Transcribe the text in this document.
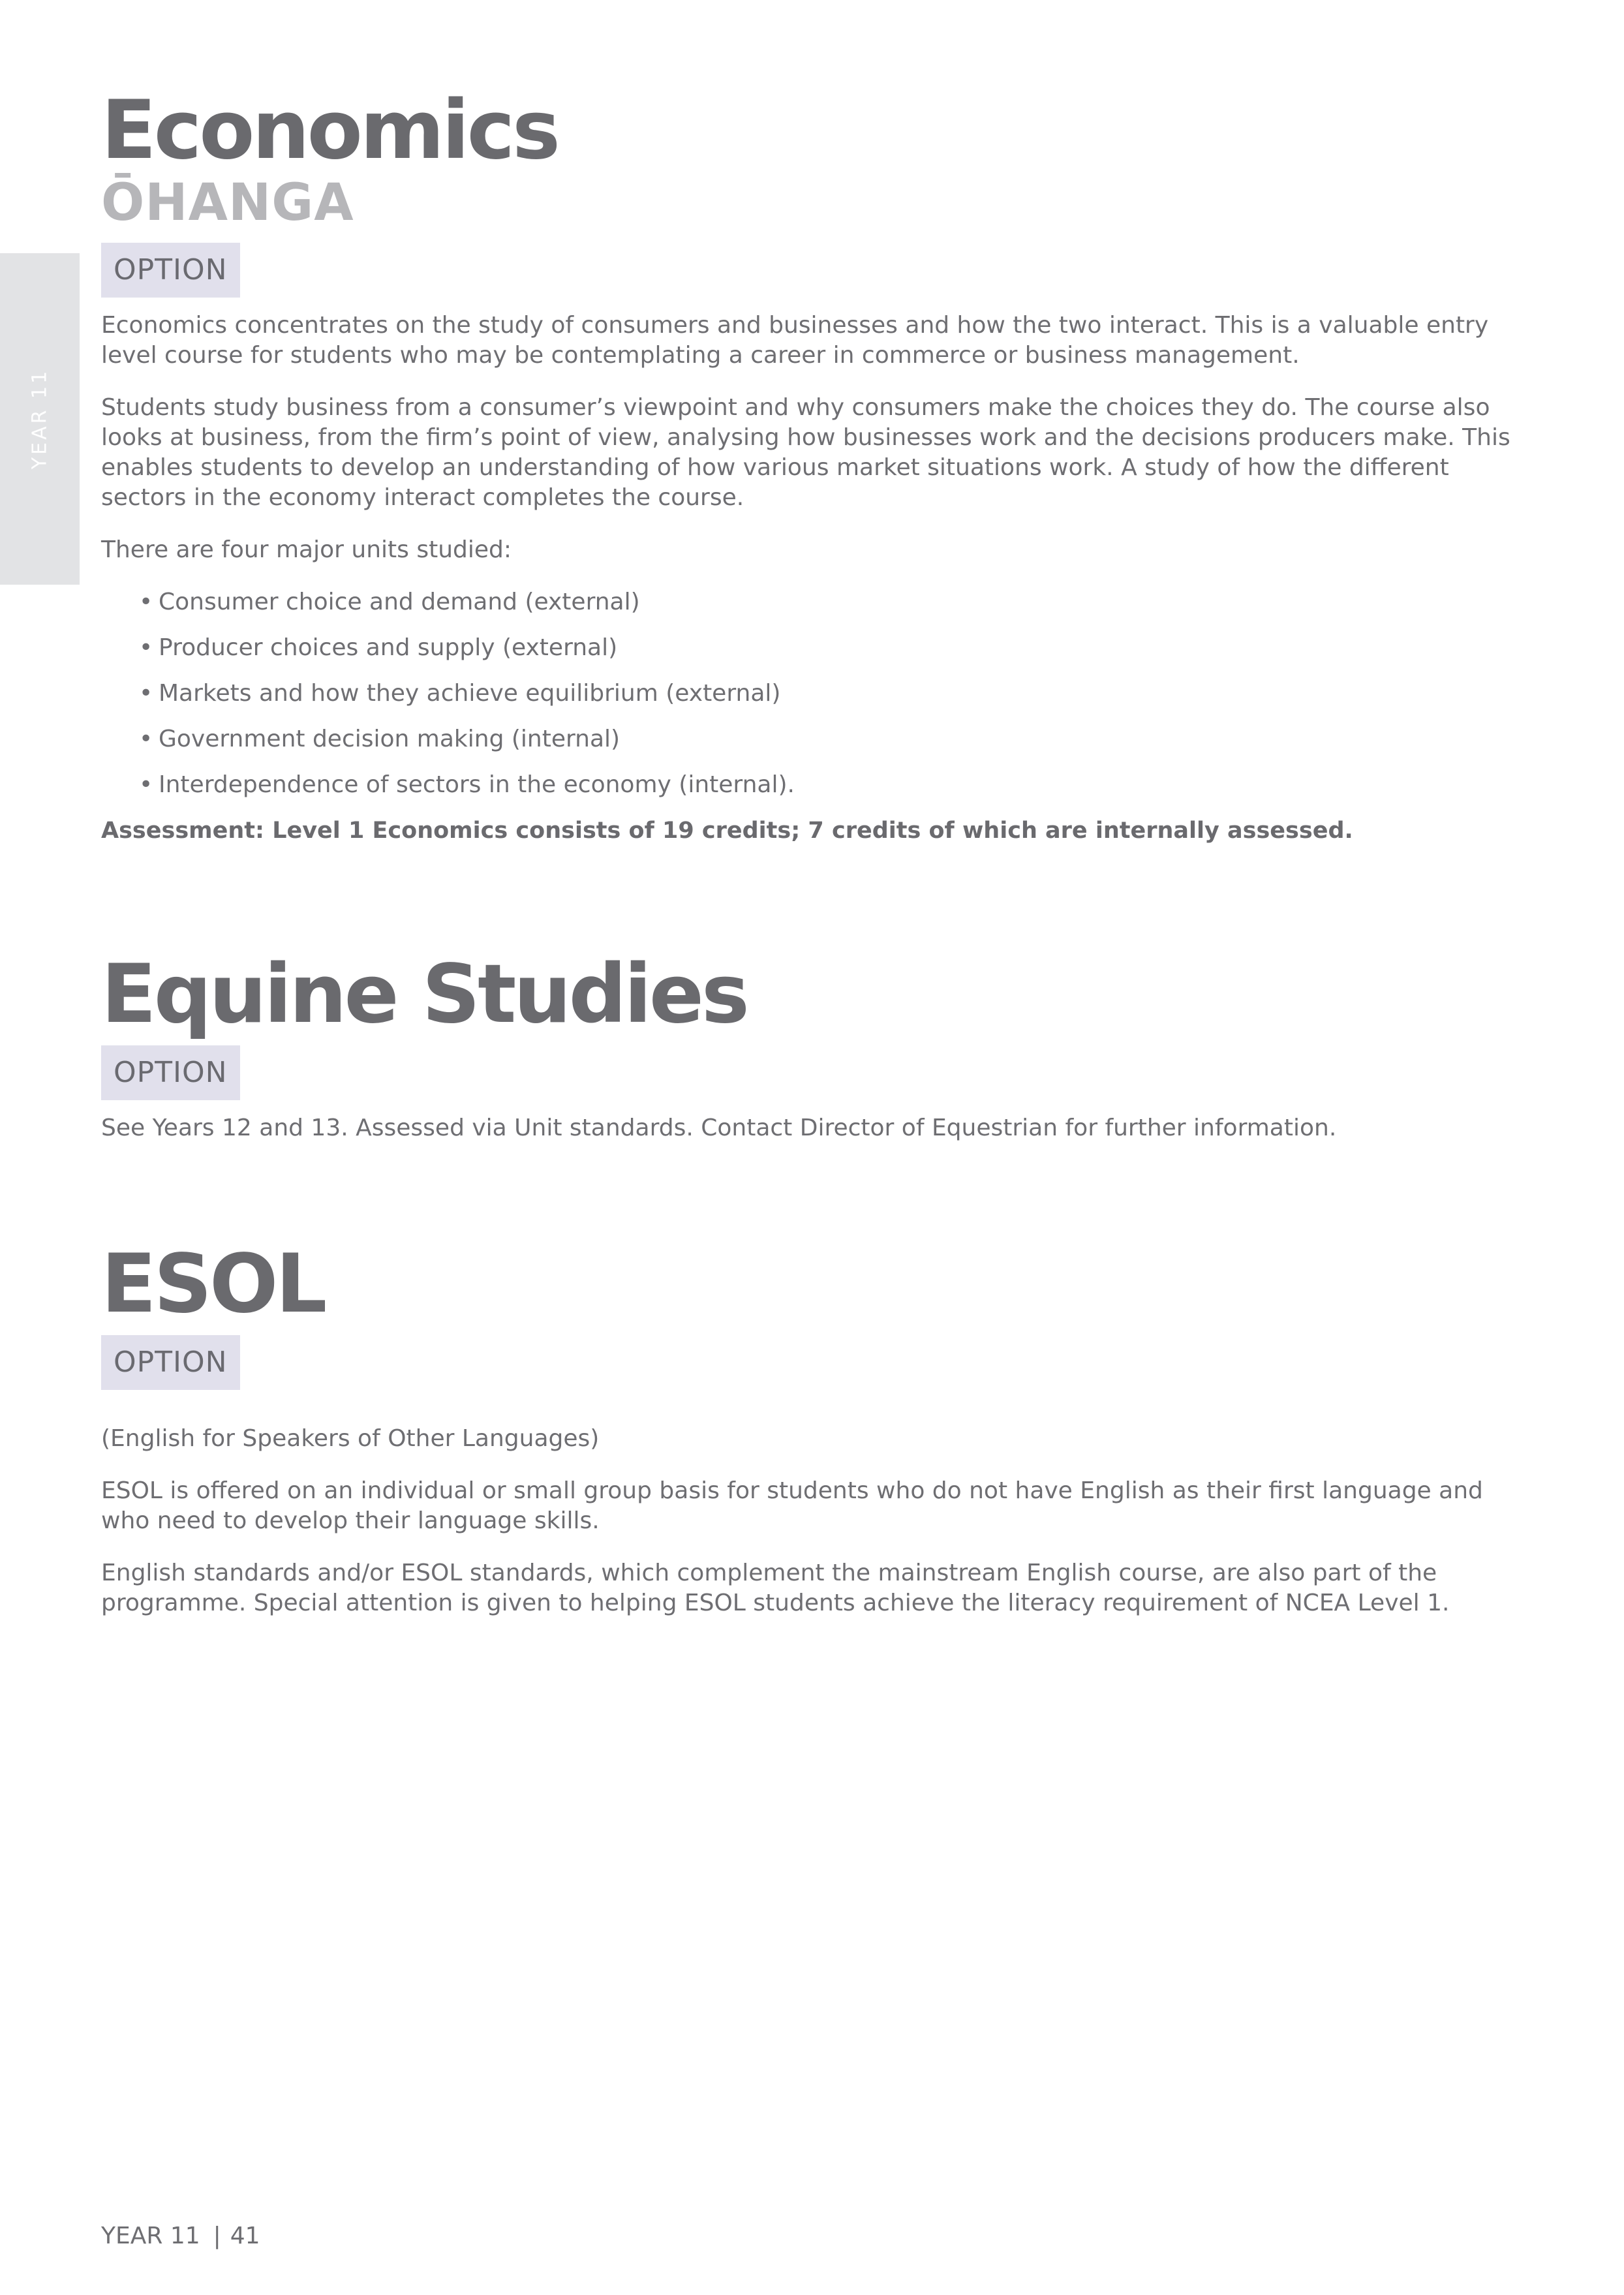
YEAR 11
Economics
ŌHANGA
OPTION

Economics concentrates on the study of consumers and businesses and how the two interact. This is a valuable entry level course for students who may be contemplating a career in commerce or business management.

Students study business from a consumer’s viewpoint and why consumers make the choices they do. The course also looks at business, from the firm’s point of view, analysing how businesses work and the decisions producers make. This enables students to develop an understanding of how various market situations work. A study of how the different sectors in the economy interact completes the course.

There are four major units studied:

• Consumer choice and demand (external)
• Producer choices and supply (external)
• Markets and how they achieve equilibrium (external)
• Government decision making (internal)
• Interdependence of sectors in the economy (internal).

Assessment: Level 1 Economics consists of 19 credits; 7 credits of which are internally assessed.

Equine Studies
OPTION

See Years 12 and 13. Assessed via Unit standards. Contact Director of Equestrian for further information.

ESOL
OPTION

(English for Speakers of Other Languages)

ESOL is offered on an individual or small group basis for students who do not have English as their first language and who need to develop their language skills.

English standards and/or ESOL standards, which complement the mainstream English course, are also part of the programme. Special attention is given to helping ESOL students achieve the literacy requirement of NCEA Level 1.

YEAR 11 | 41
